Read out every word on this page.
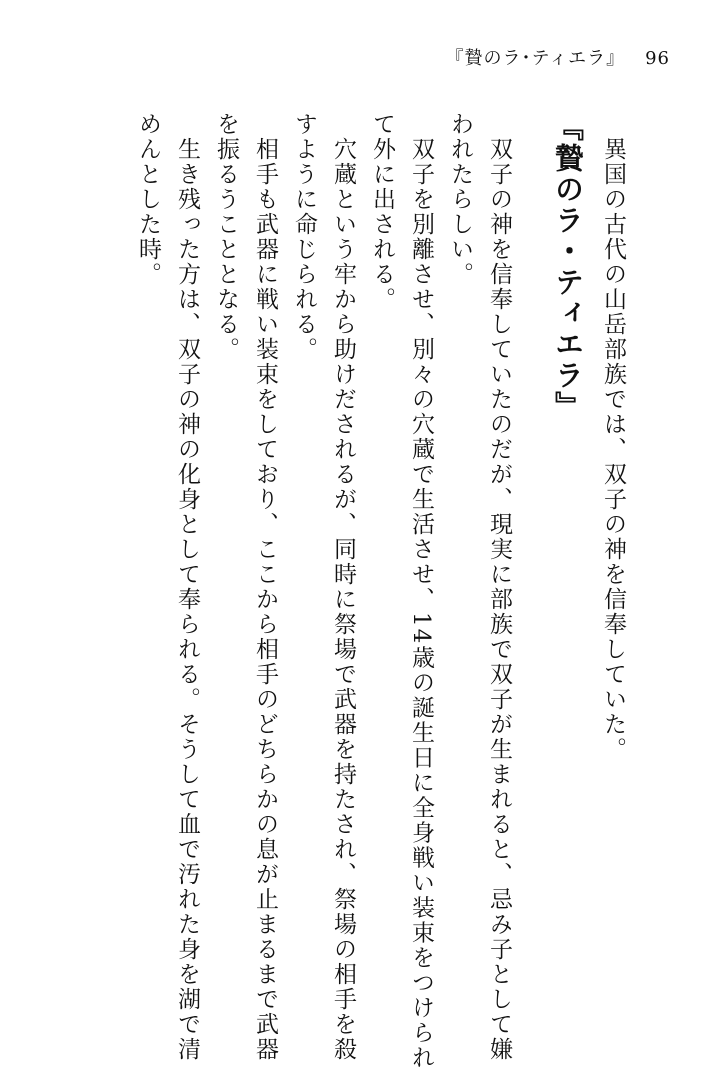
『贄のラ･ティエラ』 96
　異国の古代の山岳部族では、双子の神を信奉していた。
『贄のラ・ティエラ』
　双子の神を信奉していたのだが、現実に部族で双子が生まれると、忌み子として嫌
われたらしい。
　双子を別離させ、別々の穴蔵で生活させ、14歳の誕生日に全身戦い装束をつけられ
て外に出される。
　穴蔵という牢から助けだされるが、同時に祭場で武器を持たされ、祭場の相手を殺
すように命じられる。
　相手も武器に戦い装束をしており、ここから相手のどちらかの息が止まるまで武器
を振るうこととなる。
　生き残った方は、双子の神の化身として奉られる。そうして血で汚れた身を湖で清
めんとした時。
